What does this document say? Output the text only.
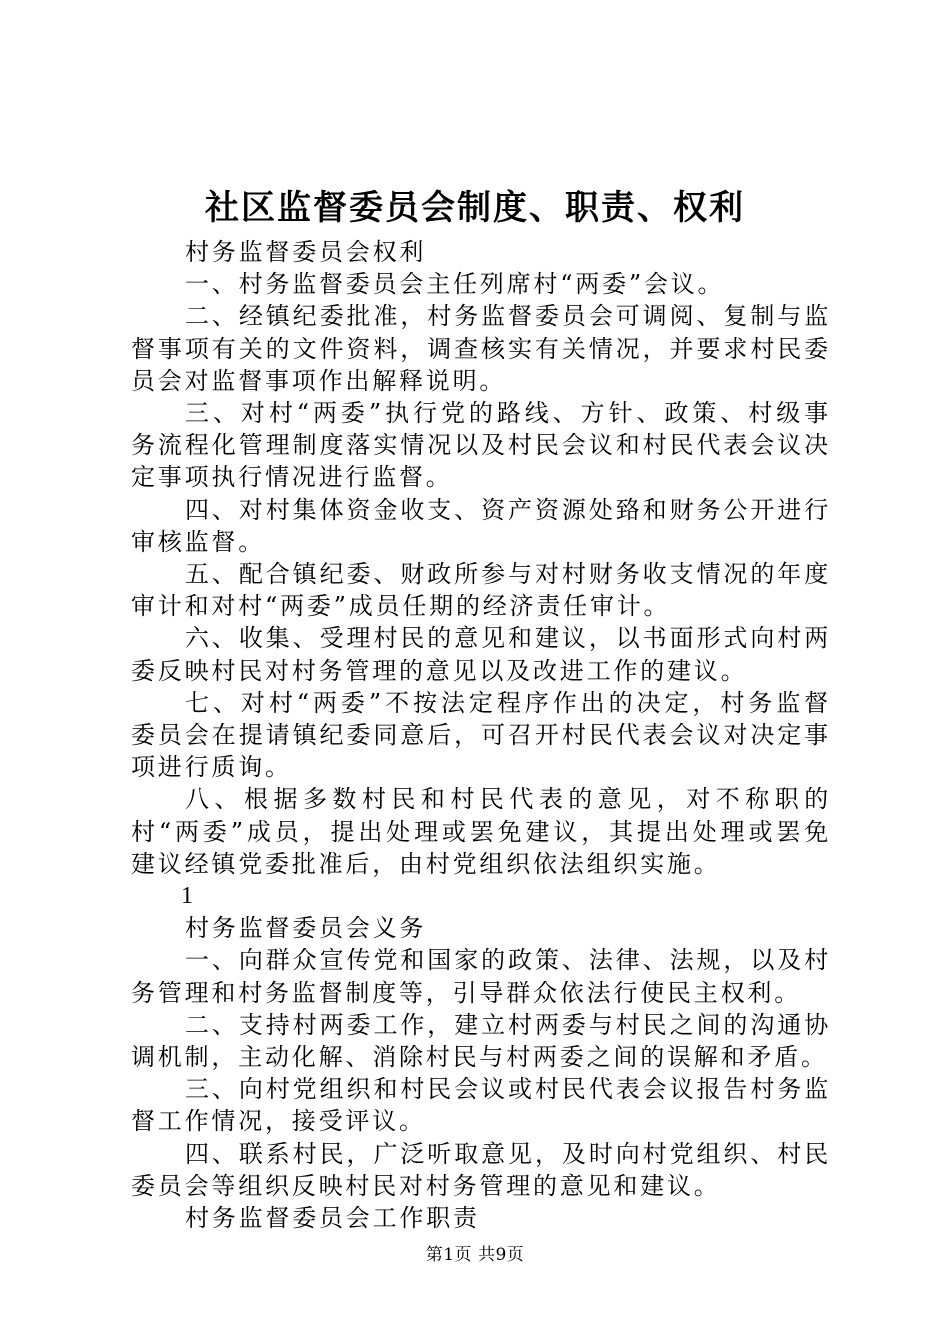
社区监督委员会制度、职责、权利

村务监督委员会权利

一、村务监督委员会主任列席村“两委”会议。

二、经镇纪委批准，村务监督委员会可调阅、复制与监督事项有关的文件资料，调查核实有关情况，并要求村民委员会对监督事项作出解释说明。

三、对村“两委”执行党的路线、方针、政策、村级事务流程化管理制度落实情况以及村民会议和村民代表会议决定事项执行情况进行监督。

四、对村集体资金收支、资产资源处臵和财务公开进行审核监督。

五、配合镇纪委、财政所参与对村财务收支情况的年度审计和对村“两委”成员任期的经济责任审计。

六、收集、受理村民的意见和建议，以书面形式向村两委反映村民对村务管理的意见以及改进工作的建议。

七、对村“两委”不按法定程序作出的决定，村务监督委员会在提请镇纪委同意后，可召开村民代表会议对决定事项进行质询。

八、根据多数村民和村民代表的意见，对不称职的村“两委”成员，提出处理或罢免建议，其提出处理或罢免建议经镇党委批准后，由村党组织依法组织实施。

1

村务监督委员会义务

一、向群众宣传党和国家的政策、法律、法规，以及村务管理和村务监督制度等，引导群众依法行使民主权利。

二、支持村两委工作，建立村两委与村民之间的沟通协调机制，主动化解、消除村民与村两委之间的误解和矛盾。

三、向村党组织和村民会议或村民代表会议报告村务监督工作情况，接受评议。

四、联系村民，广泛听取意见，及时向村党组织、村民委员会等组织反映村民对村务管理的意见和建议。

村务监督委员会工作职责

第1页 共9页
